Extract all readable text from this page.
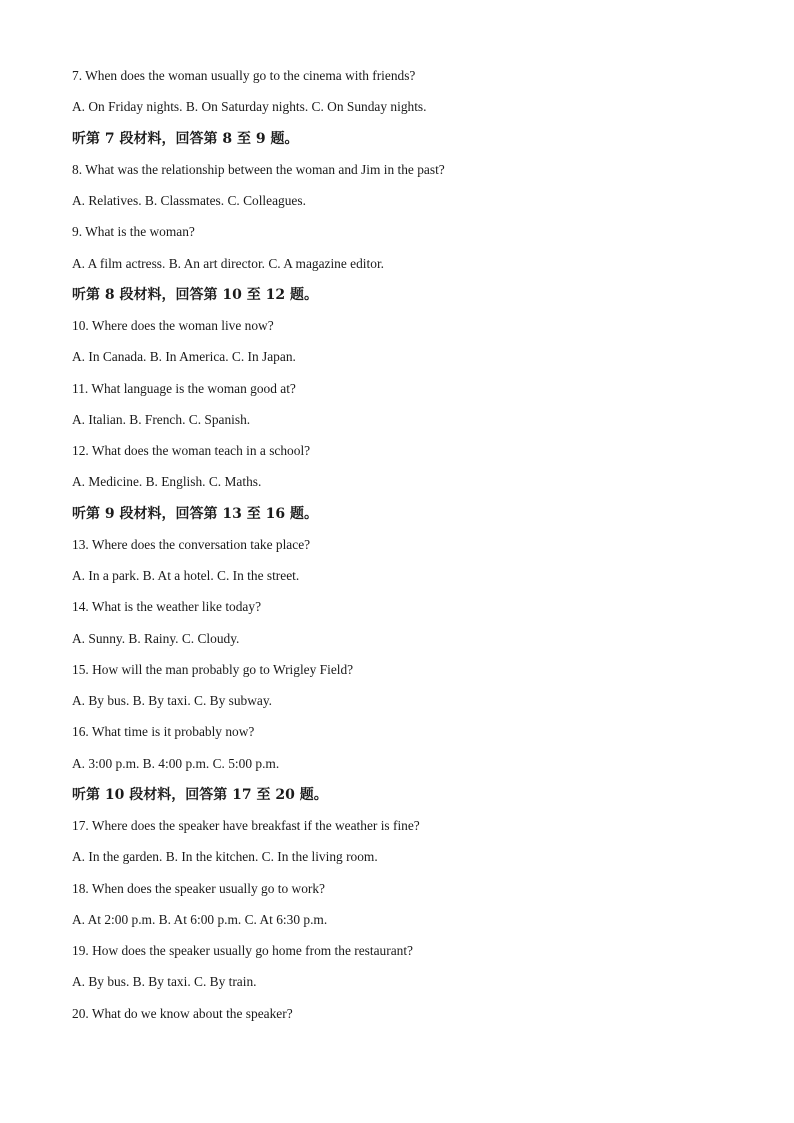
7. When does the woman usually go to the cinema with friends?
A. On Friday nights. B. On Saturday nights. C. On Sunday nights.
听第 7 段材料，回答第 8 至 9 题。
8. What was the relationship between the woman and Jim in the past?
A. Relatives. B. Classmates. C. Colleagues.
9. What is the woman?
A. A film actress. B. An art director. C. A magazine editor.
听第 8 段材料，回答第 10 至 12 题。
10. Where does the woman live now?
A. In Canada. B. In America. C. In Japan.
11. What language is the woman good at?
A. Italian. B. French. C. Spanish.
12. What does the woman teach in a school?
A. Medicine. B. English. C. Maths.
听第 9 段材料，回答第 13 至 16 题。
13. Where does the conversation take place?
A. In a park. B. At a hotel. C. In the street.
14. What is the weather like today?
A. Sunny. B. Rainy. C. Cloudy.
15. How will the man probably go to Wrigley Field?
A. By bus. B. By taxi. C. By subway.
16. What time is it probably now?
A. 3:00 p.m. B. 4:00 p.m. C. 5:00 p.m.
听第 10 段材料，回答第 17 至 20 题。
17. Where does the speaker have breakfast if the weather is fine?
A. In the garden. B. In the kitchen. C. In the living room.
18. When does the speaker usually go to work?
A. At 2:00 p.m. B. At 6:00 p.m. C. At 6:30 p.m.
19. How does the speaker usually go home from the restaurant?
A. By bus. B. By taxi. C. By train.
20. What do we know about the speaker?
